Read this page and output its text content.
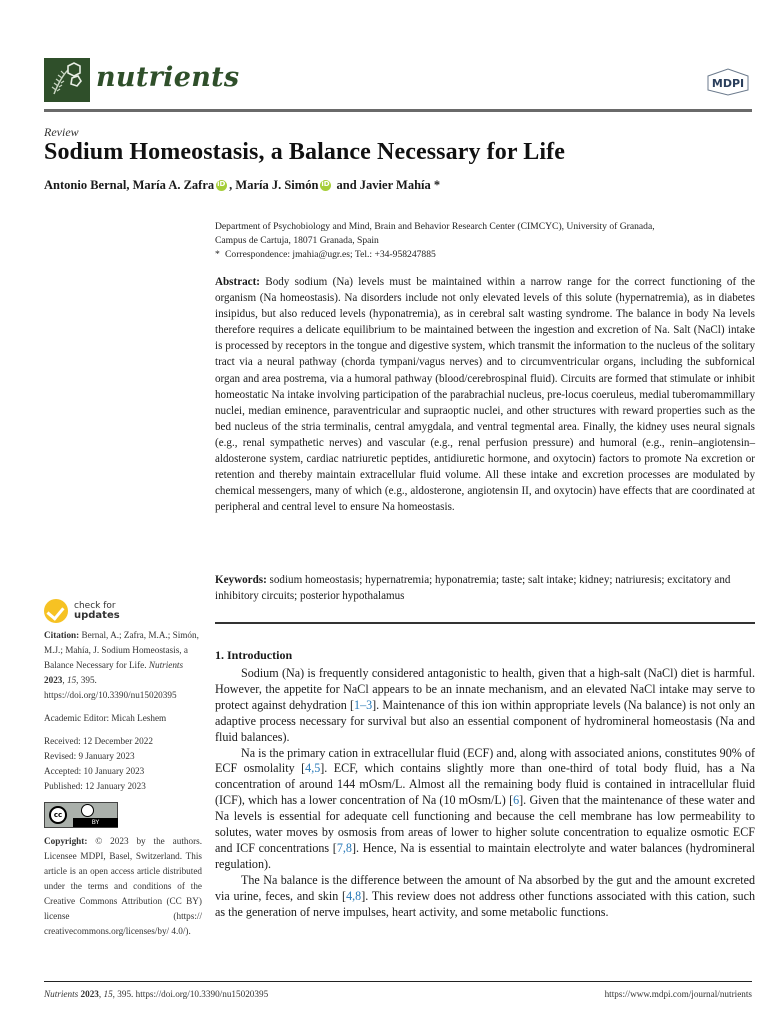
nutrients	MDPI
Review
Sodium Homeostasis, a Balance Necessary for Life
Antonio Bernal , María A. Zafra iD , María J. Simón iD and Javier Mahía *
Department of Psychobiology and Mind, Brain and Behavior Research Center (CIMCYC), University of Granada,
Campus de Cartuja, 18071 Granada, Spain
* Correspondence: jmahia@ugr.es; Tel.: +34-958247885
Abstract: Body sodium (Na) levels must be maintained within a narrow range for the correct functioning of the organism (Na homeostasis). Na disorders include not only elevated levels of this solute (hypernatremia), as in diabetes insipidus, but also reduced levels (hyponatremia), as in cerebral salt wasting syndrome. The balance in body Na levels therefore requires a delicate equilibrium to be maintained between the ingestion and excretion of Na. Salt (NaCl) intake is processed by receptors in the tongue and digestive system, which transmit the information to the nucleus of the solitary tract via a neural pathway (chorda tympani/vagus nerves) and to circumventricular organs, including the subfornical organ and area postrema, via a humoral pathway (blood/cerebrospinal fluid). Circuits are formed that stimulate or inhibit homeostatic Na intake involving participation of the parabrachial nucleus, pre-locus coeruleus, medial tuberomammillary nuclei, median eminence, paraventricular and supraoptic nuclei, and other structures with reward properties such as the bed nucleus of the stria terminalis, central amygdala, and ventral tegmental area. Finally, the kidney uses neural signals (e.g., renal sympathetic nerves) and vascular (e.g., renal perfusion pressure) and humoral (e.g., renin–angiotensin–aldosterone system, cardiac natriuretic peptides, antidiuretic hormone, and oxytocin) factors to promote Na excretion or retention and thereby maintain extracellular fluid volume. All these intake and excretion processes are modulated by chemical messengers, many of which (e.g., aldosterone, angiotensin II, and oxytocin) have effects that are coordinated at peripheral and central level to ensure Na homeostasis.
Keywords: sodium homeostasis; hypernatremia; hyponatremia; taste; salt intake; kidney; natriuresis; excitatory and inhibitory circuits; posterior hypothalamus
check for
updates
Citation: Bernal, A.; Zafra, M.A.; Simón, M.J.; Mahía, J. Sodium Homeostasis, a Balance Necessary for Life. Nutrients 2023, 15, 395. https://doi.org/10.3390/nu15020395
Academic Editor: Micah Leshem
Received: 12 December 2022
Revised: 9 January 2023
Accepted: 10 January 2023
Published: 12 January 2023
cc
BY
Copyright: © 2023 by the authors. Licensee MDPI, Basel, Switzerland. This article is an open access article distributed under the terms and conditions of the Creative Commons Attribution (CC BY) license (https:// creativecommons.org/licenses/by/ 4.0/).
1. Introduction

Sodium (Na) is frequently considered antagonistic to health, given that a high-salt (NaCl) diet is harmful. However, the appetite for NaCl appears to be an innate mechanism, and an elevated NaCl intake may serve to protect against dehydration [1–3]. Maintenance of this ion within appropriate levels (Na balance) is not only an adaptive process necessary for survival but also an essential component of hydromineral homeostasis (Na and fluid balances).

Na is the primary cation in extracellular fluid (ECF) and, along with associated anions, constitutes 90% of ECF osmolality [4,5]. ECF, which contains slightly more than one-third of total body fluid, has a Na concentration of around 144 mOsm/L. Almost all the remaining body fluid is contained in intracellular fluid (ICF), which has a lower concentration of Na (10 mOsm/L) [6]. Given that the maintenance of these water and Na levels is essential for adequate cell functioning and because the cell membrane has low permeability to solutes, water moves by osmosis from areas of lower to higher solute concentration to equalize osmotic ECF and ICF concentrations [7,8]. Hence, Na is essential to maintain electrolyte and water balances (hydromineral regulation).

The Na balance is the difference between the amount of Na absorbed by the gut and the amount excreted via urine, feces, and skin [4,8]. This review does not address other functions associated with this cation, such as the generation of nerve impulses, heart activity, and some metabolic functions.

Nutrients 2023, 15, 395. https://doi.org/10.3390/nu15020395	https://www.mdpi.com/journal/nutrients
